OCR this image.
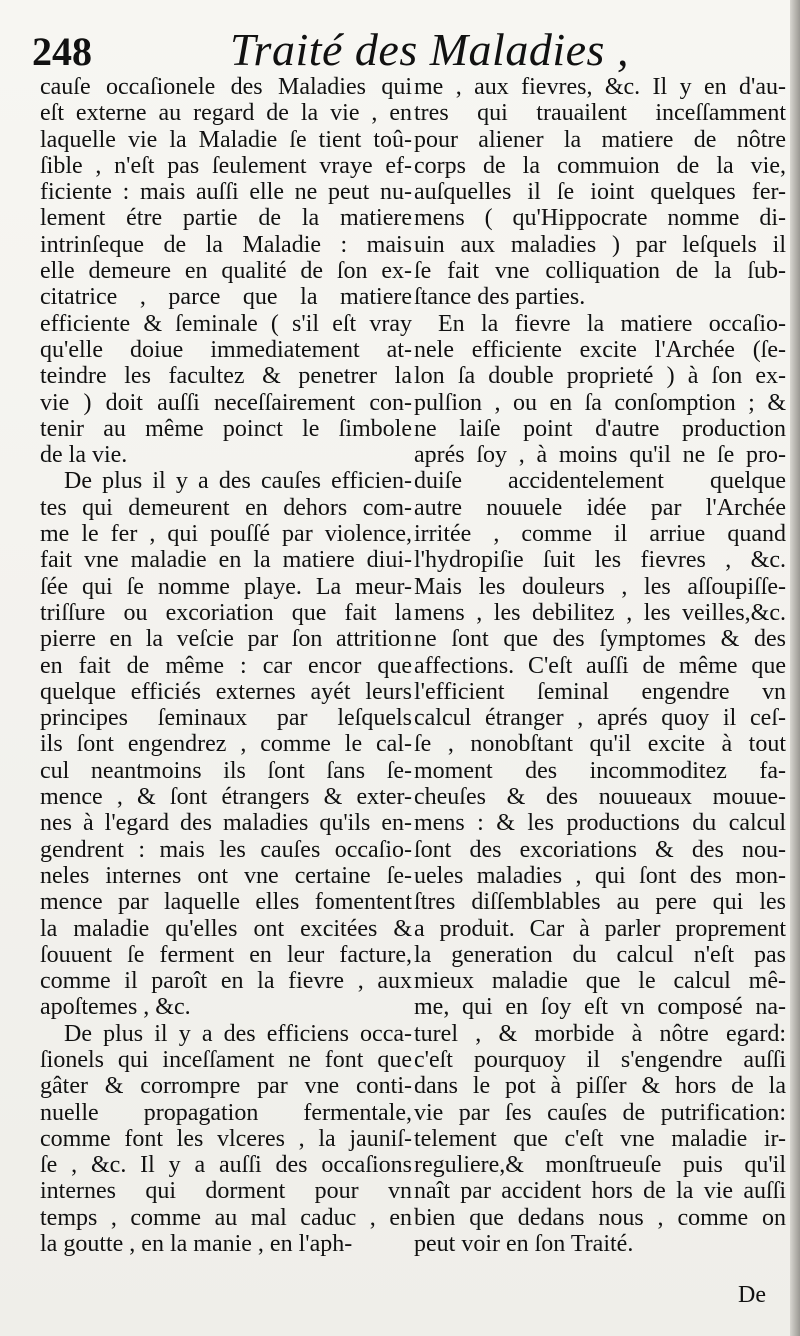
248	Traité des Maladies ,
cauſe occaſionele des Maladies qui
eſt externe au regard de la vie , en
laquelle vie la Maladie ſe tient toû-
ſible , n'eſt pas ſeulement vraye ef-
ficiente : mais auſſi elle ne peut nu-
lement étre partie de la matiere
intrinſeque de la Maladie : mais
elle demeure en qualité de ſon ex-
citatrice , parce que la matiere
efficiente & ſeminale ( s'il eſt vray
qu'elle doiue immediatement at-
teindre les facultez & penetrer la
vie ) doit auſſi neceſſairement con-
tenir au même poinct le ſimbole
de la vie.
De plus il y a des cauſes efficien-
tes qui demeurent en dehors com-
me le fer , qui pouſſé par violence,
fait vne maladie en la matiere diui-
ſée qui ſe nomme playe. La meur-
triſſure ou excoriation que fait la
pierre en la veſcie par ſon attrition
en fait de même : car encor que
quelque efficiés externes ayét leurs
principes ſeminaux par leſquels
ils ſont engendrez , comme le cal-
cul neantmoins ils ſont ſans ſe-
mence , & ſont étrangers & exter-
nes à l'egard des maladies qu'ils en-
gendrent : mais les cauſes occaſio-
neles internes ont vne certaine ſe-
mence par laquelle elles fomentent
la maladie qu'elles ont excitées &
ſouuent ſe ferment en leur facture,
comme il paroît en la fievre , aux
apoſtemes , &c.
De plus il y a des efficiens occa-
ſionels qui inceſſament ne font que
gâter & corrompre par vne conti-
nuelle propagation fermentale,
comme font les vlceres , la jauniſ-
ſe , &c. Il y a auſſi des occaſions
internes qui dorment pour vn
temps , comme au mal caduc , en
la goutte , en la manie , en l'aph-
me , aux fievres, &c. Il y en d'au-
tres qui trauailent inceſſamment
pour aliener la matiere de nôtre
corps de la commuion de la vie,
auſquelles il ſe ioint quelques fer-
mens ( qu'Hippocrate nomme di-
uin aux maladies ) par leſquels il
ſe fait vne colliquation de la ſub-
ſtance des parties.
En la fievre la matiere occaſio-
nele efficiente excite l'Archée (ſe-
lon ſa double proprieté ) à ſon ex-
pulſion , ou en ſa conſomption ; &
ne laiſe point d'autre production
aprés ſoy , à moins qu'il ne ſe pro-
duiſe accidentelement quelque
autre nouuele idée par l'Archée
irritée , comme il arriue quand
l'hydropiſie ſuit les fievres , &c.
Mais les douleurs , les aſſoupiſſe-
mens , les debilitez , les veilles,&c.
ne ſont que des ſymptomes & des
affections. C'eſt auſſi de même que
l'efficient ſeminal engendre vn
calcul étranger , aprés quoy il ceſ-
ſe , nonobſtant qu'il excite à tout
moment des incommoditez fa-
cheuſes & des nouueaux mouue-
mens : & les productions du calcul
ſont des excoriations & des nou-
ueles maladies , qui ſont des mon-
ſtres diſſemblables au pere qui les
a produit. Car à parler proprement
la generation du calcul n'eſt pas
mieux maladie que le calcul mê-
me, qui en ſoy eſt vn composé na-
turel , & morbide à nôtre egard:
c'eſt pourquoy il s'engendre auſſi
dans le pot à piſſer & hors de la
vie par ſes cauſes de putrification:
telement que c'eſt vne maladie ir-
reguliere,& monſtrueuſe puis qu'il
naît par accident hors de la vie auſſi
bien que dedans nous , comme on
peut voir en ſon Traité.
De
